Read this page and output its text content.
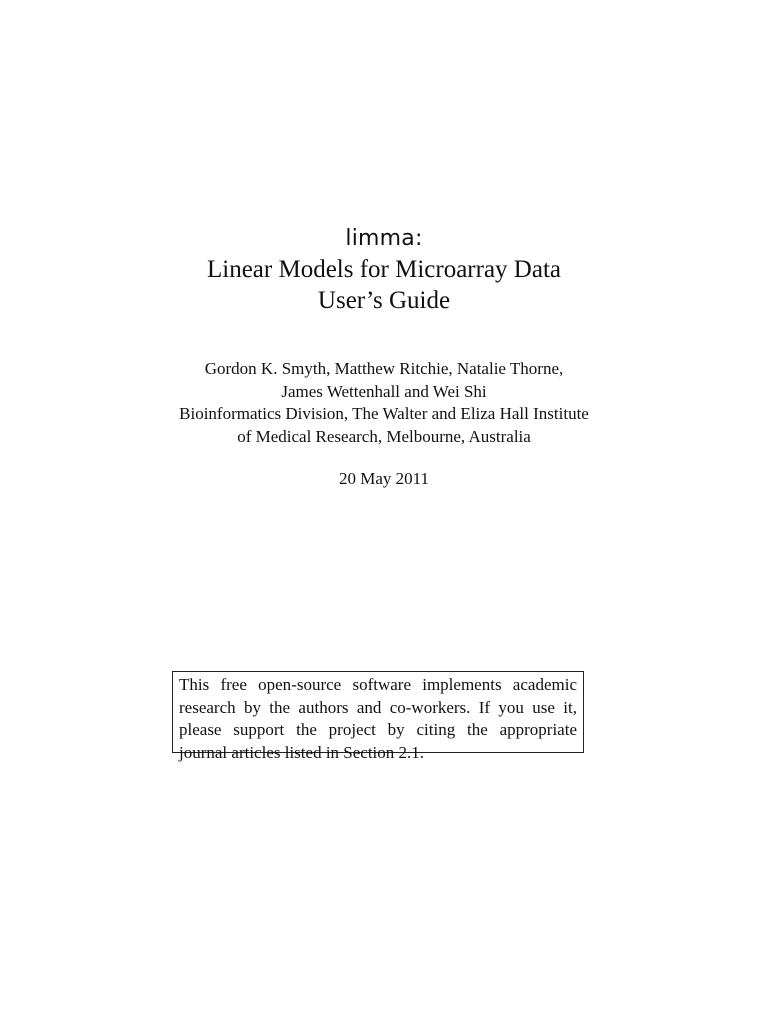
limma:
Linear Models for Microarray Data
User’s Guide
Gordon K. Smyth, Matthew Ritchie, Natalie Thorne,
James Wettenhall and Wei Shi
Bioinformatics Division, The Walter and Eliza Hall Institute
of Medical Research, Melbourne, Australia
20 May 2011
This free open-source software implements academic
research by the authors and co-workers. If you use it,
please support the project by citing the appropriate
journal articles listed in Section 2.1.
